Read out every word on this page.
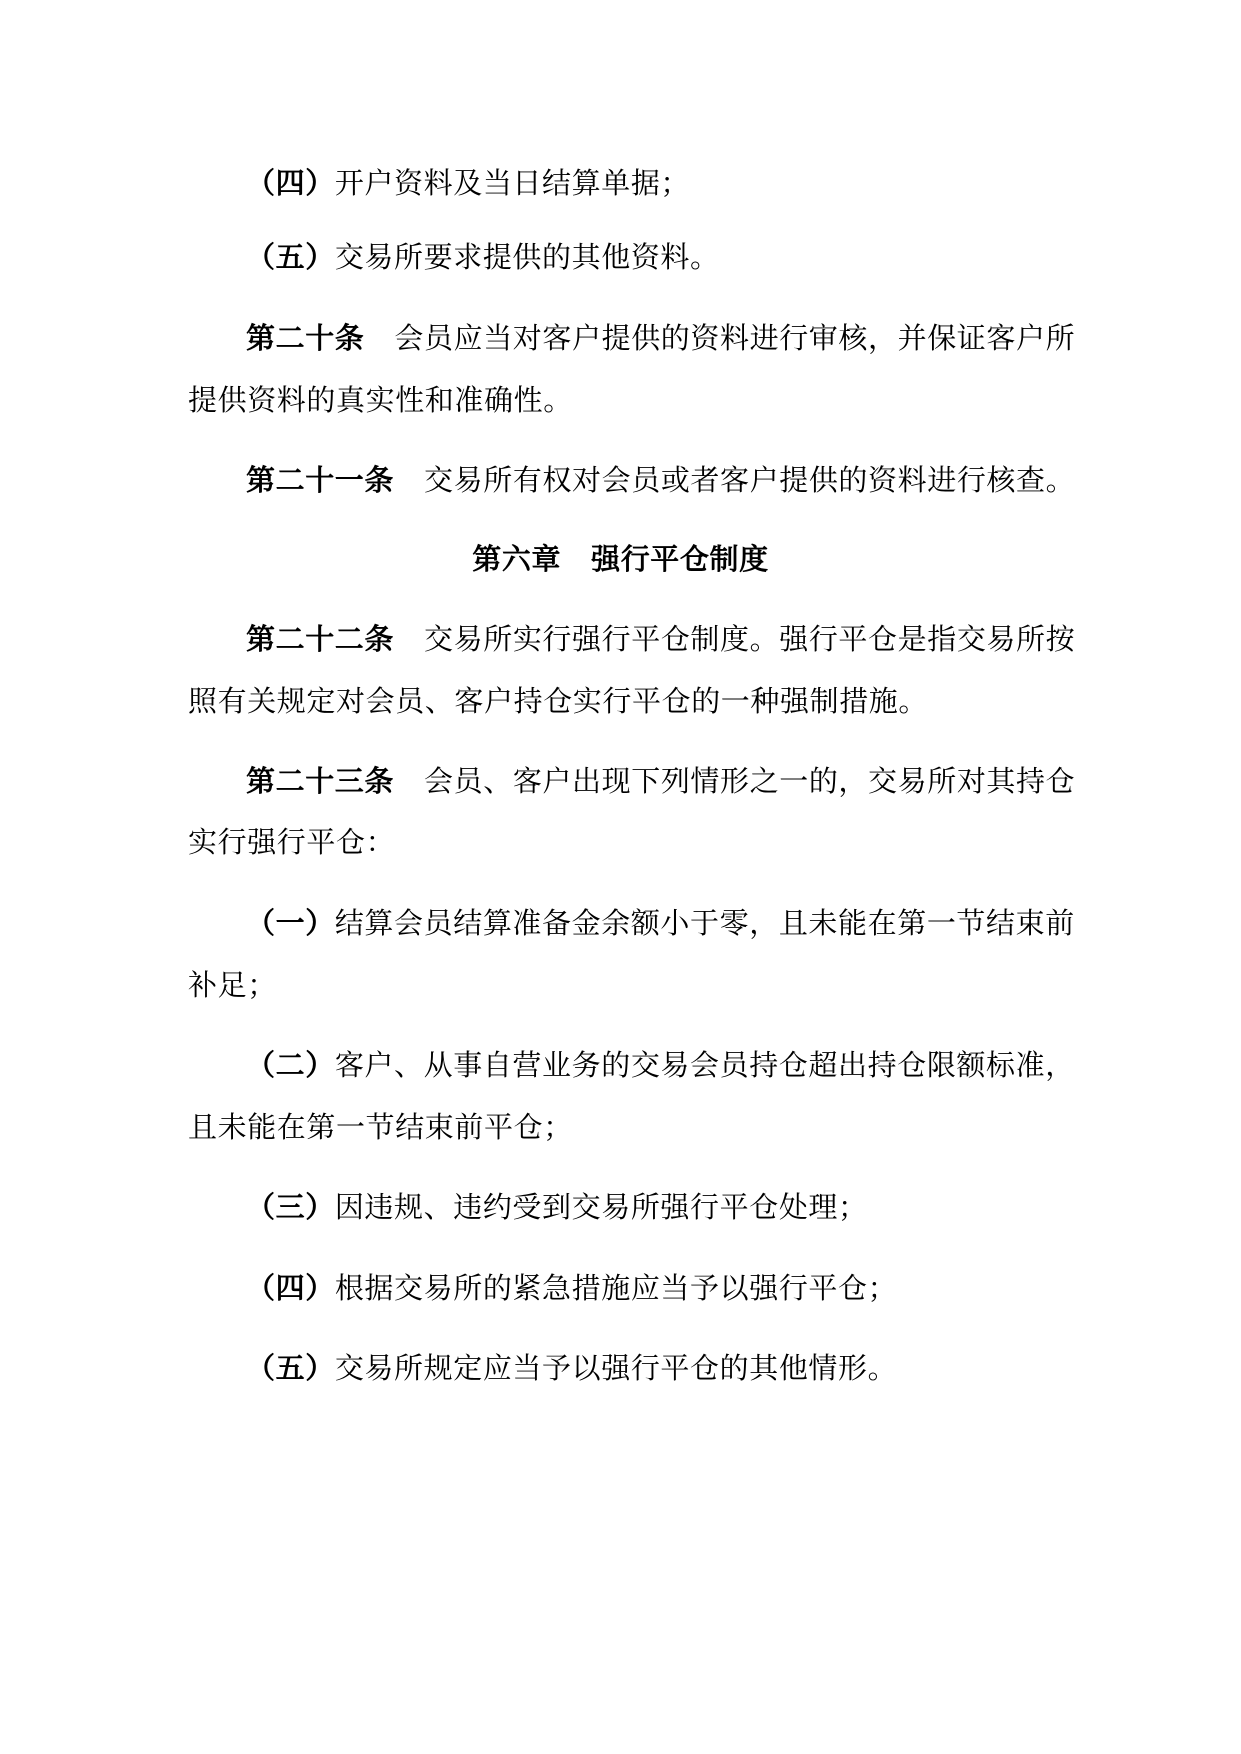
（四）开户资料及当日结算单据；
（五）交易所要求提供的其他资料。
第二十条 会员应当对客户提供的资料进行审核，并保证客户所
提供资料的真实性和准确性。
第二十一条 交易所有权对会员或者客户提供的资料进行核查。
第六章 强行平仓制度
第二十二条 交易所实行强行平仓制度。强行平仓是指交易所按
照有关规定对会员、客户持仓实行平仓的一种强制措施。
第二十三条 会员、客户出现下列情形之一的，交易所对其持仓
实行强行平仓：
（一）结算会员结算准备金余额小于零，且未能在第一节结束前
补足；
（二）客户、从事自营业务的交易会员持仓超出持仓限额标准，
且未能在第一节结束前平仓；
（三）因违规、违约受到交易所强行平仓处理；
（四）根据交易所的紧急措施应当予以强行平仓；
（五）交易所规定应当予以强行平仓的其他情形。
